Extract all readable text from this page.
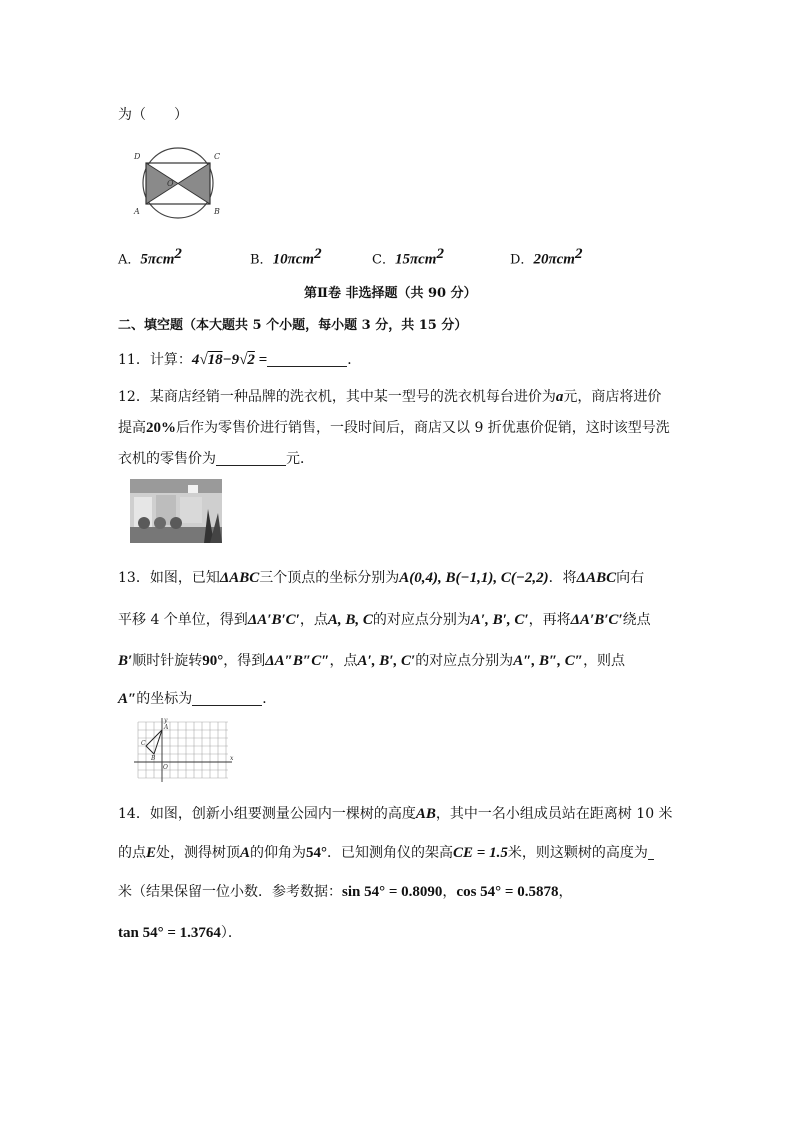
为（　　）
D	C
A	B
O
A．5πcm$^2$	B．10πcm$^2$	C．15πcm$^2$	D．20πcm$^2$
第Ⅱ卷 非选择题（共 90 分）
二、填空题（本大题共 5 个小题，每小题 3 分，共 15 分）
11．计算：4√18−9√2 =	．
12．某商店经销一种品牌的洗衣机，其中某一型号的洗衣机每台进价为a元，商店将进价
提高20%后作为零售价进行销售，一段时间后，商店又以 9 折优惠价促销，这时该型号洗
衣机的零售价为	元．
13．如图，已知ΔABC三个顶点的坐标分别为A(0,4), B(−1,1), C(−2,2)．将ΔABC向右
平移 4 个单位，得到ΔA′B′C′，点A, B, C的对应点分别为A′, B′, C′，再将ΔA′B′C′绕点
B′顺时针旋转90°，得到ΔA″B″C″，点A′, B′, C′的对应点分别为A″, B″, C″，则点
A″的坐标为	．
A
C
B
y
x
O
14．如图，创新小组要测量公园内一棵树的高度AB，其中一名小组成员站在距离树 10 米
的点E处，测得树顶A的仰角为54°．已知测角仪的架高CE = 1.5米，则这颗树的高度为
米（结果保留一位小数．参考数据：sin 54° = 0.8090，cos 54° = 0.5878，
tan 54° = 1.3764）．
